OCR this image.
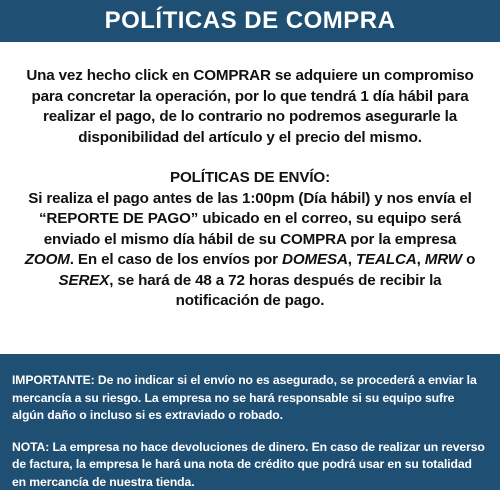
POLÍTICAS DE COMPRA

Una vez hecho click en COMPRAR se adquiere un compromiso para concretar la operación, por lo que tendrá 1 día hábil para realizar el pago, de lo contrario no podremos asegurarle la disponibilidad del artículo y el precio del mismo.

POLÍTICAS DE ENVÍO:
Si realiza el pago antes de las 1:00pm (Día hábil) y nos envía el “REPORTE DE PAGO” ubicado en el correo, su equipo será enviado el mismo día hábil de su COMPRA por la empresa ZOOM. En el caso de los envíos por DOMESA, TEALCA, MRW o SEREX, se hará de 48 a 72 horas después de recibir la notificación de pago.

IMPORTANTE: De no indicar si el envío no es asegurado, se procederá a enviar la mercancía a su riesgo. La empresa no se hará responsable si su equipo sufre algún daño o incluso si es extraviado o robado.

NOTA: La empresa no hace devoluciones de dinero. En caso de realizar un reverso de factura, la empresa le hará una nota de crédito que podrá usar en su totalidad en mercancía de nuestra tienda.
